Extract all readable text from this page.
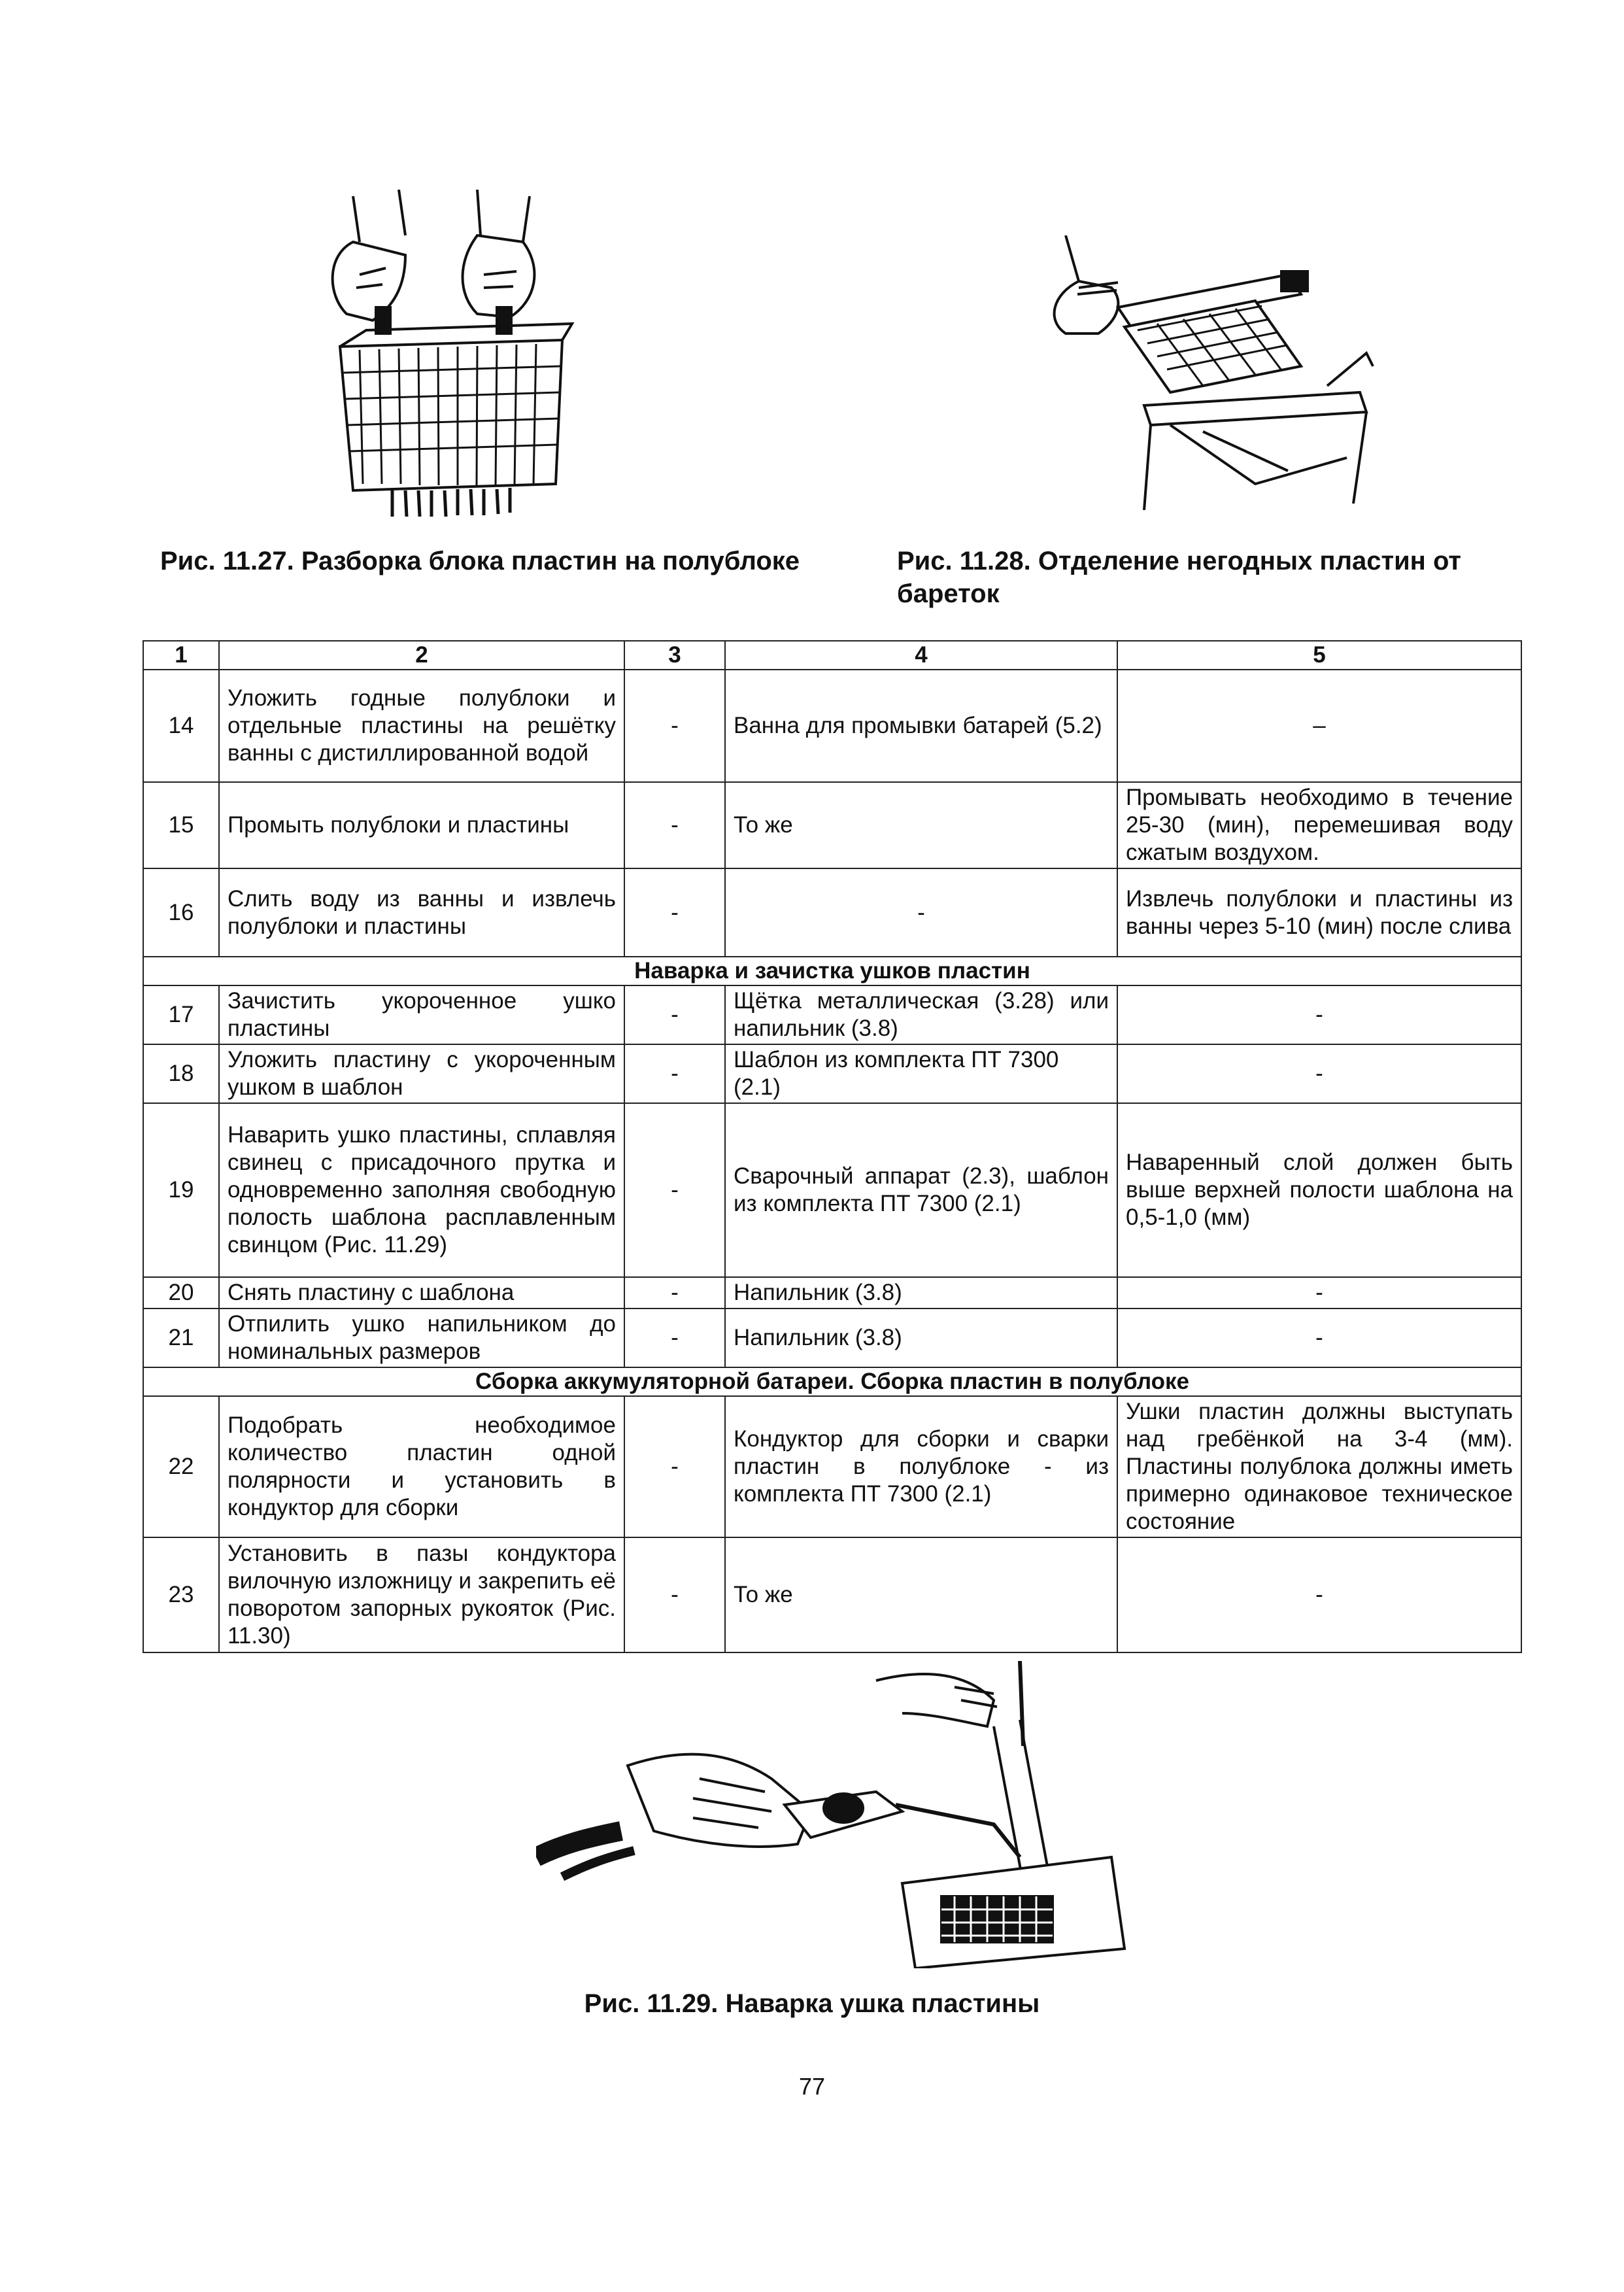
Рис. 11.27. Разборка блока пластин на полублоке	Рис. 11.28. Отделение негодных пластин от
бареток
1	2	3	4	5
14	Уложить годные полублоки и отдельные пластины на решётку ванны с дистиллированной водой	-	Ванна для промывки батарей (5.2)	–
15	Промыть полублоки и пластины	-	То же	Промывать необходимо в течение 25-30 (мин), перемешивая воду сжатым воздухом.
16	Слить воду из ванны и извлечь полублоки и пластины	-	-	Извлечь полублоки и пластины из ванны через 5-10 (мин) после слива
Наварка и зачистка ушков пластин				
17	Зачистить укороченное ушко пластины	-	Щётка металлическая (3.28) или напильник (3.8)	-
18	Уложить пластину с укороченным ушком в шаблон	-	Шаблон из комплекта ПТ 7300 (2.1)	-
19	Наварить ушко пластины, сплавляя свинец с присадочного прутка и одновременно заполняя свободную полость шаблона расплавленным свинцом (Рис. 11.29)	-	Сварочный аппарат (2.3), шаблон из комплекта ПТ 7300 (2.1)	Наваренный слой должен быть выше верхней полости шаблона на 0,5-1,0 (мм)
20	Снять пластину с шаблона	-	Напильник (3.8)	-
21	Отпилить ушко напильником до номинальных размеров	-	Напильник (3.8)	-
Сборка аккумуляторной батареи. Сборка пластин в полублоке				
22	Подобрать необходимое количество пластин одной полярности и установить в кондуктор для сборки	-	Кондуктор для сборки и сварки пластин в полублоке - из комплекта ПТ 7300 (2.1)	Ушки пластин должны выступать над гребёнкой на 3-4 (мм). Пластины полублока должны иметь примерно одинаковое техническое состояние
23	Установить в пазы кондуктора вилочную изложницу и закрепить её поворотом запорных рукояток (Рис. 11.30)	-	То же	-
Рис. 11.29. Наварка ушка пластины
77
